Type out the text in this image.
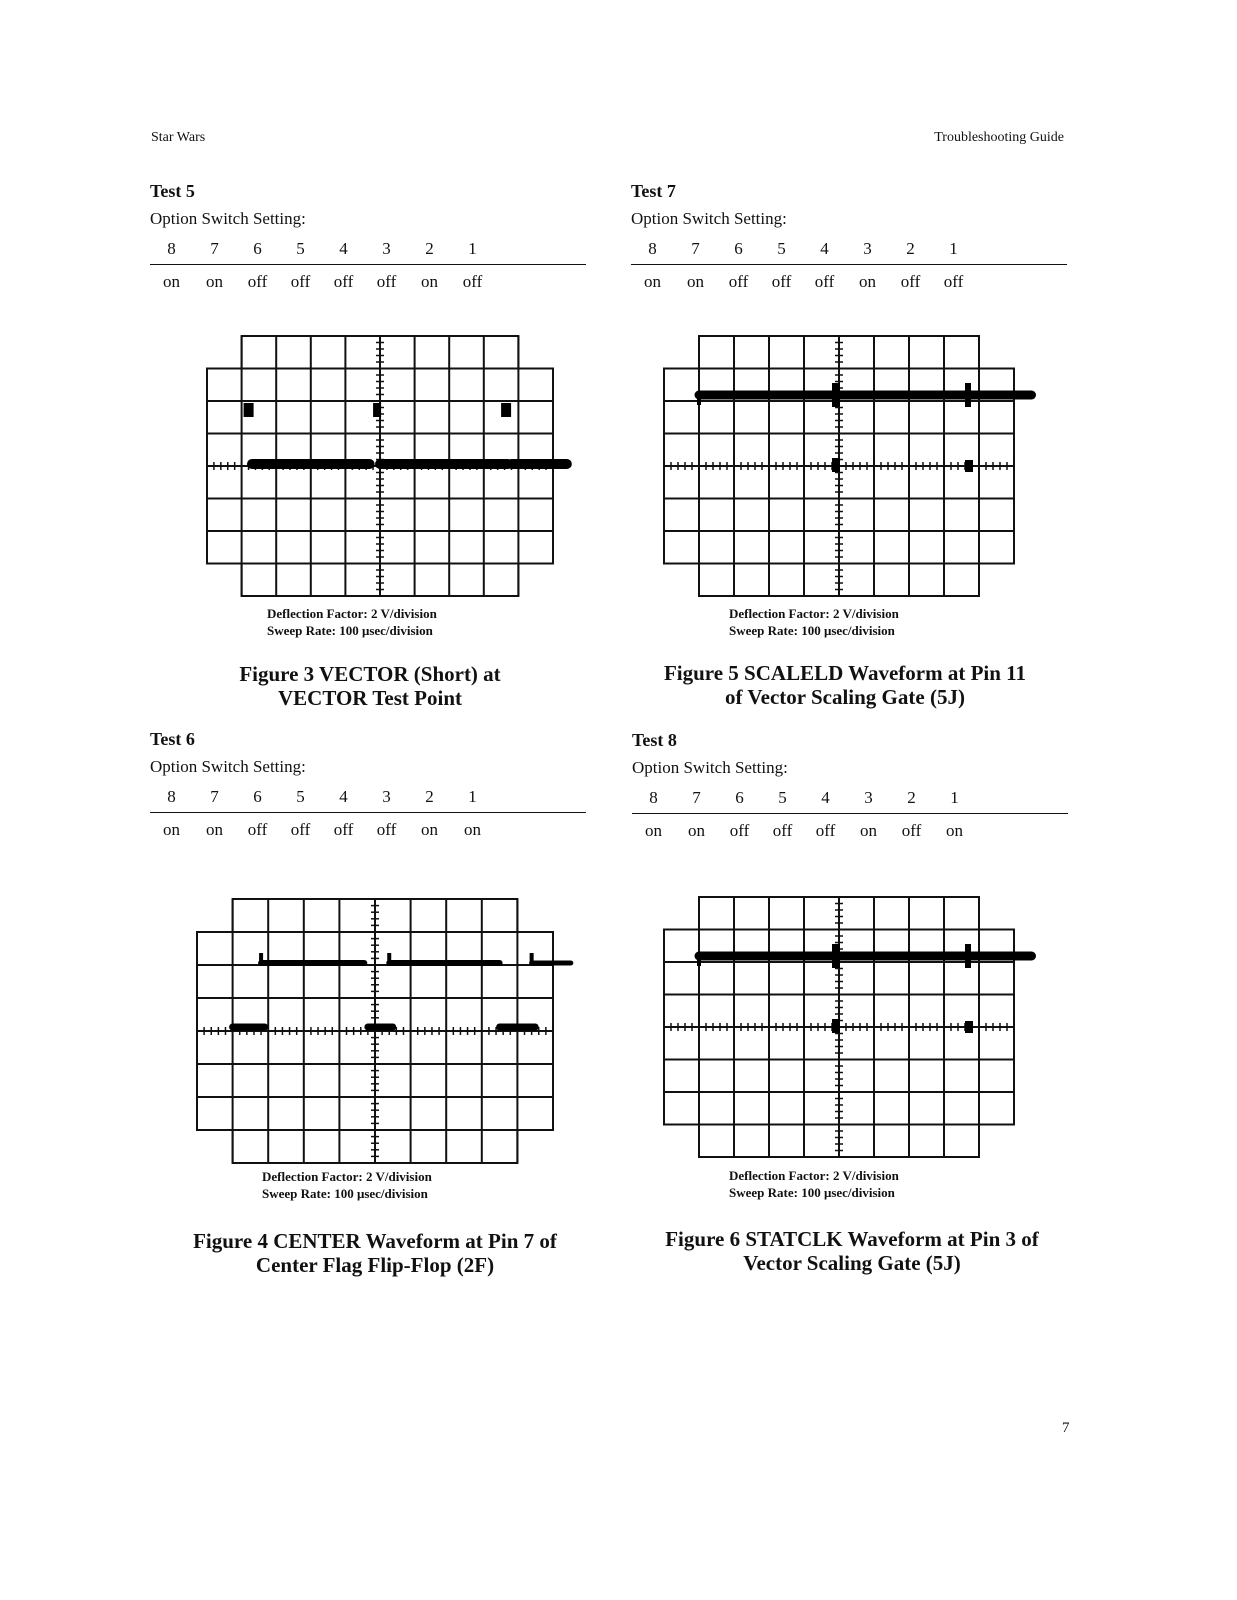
Star Wars	Troubleshooting Guide
Test 5
Option Switch Setting:
8	7	6	5	4	3	2	1	
on	on	off	off	off	off	on	off	
Test 7
Option Switch Setting:
8	7	6	5	4	3	2	1	
on	on	off	off	off	on	off	off	
Test 6
Option Switch Setting:
8	7	6	5	4	3	2	1	
on	on	off	off	off	off	on	on	
Test 8
Option Switch Setting:
8	7	6	5	4	3	2	1	
on	on	off	off	off	on	off	on	
Deflection Factor: 2 V/division
Sweep Rate: 100 μsec/division
Deflection Factor: 2 V/division
Sweep Rate: 100 μsec/division
Deflection Factor: 2 V/division
Sweep Rate: 100 μsec/division
Deflection Factor: 2 V/division
Sweep Rate: 100 μsec/division
Figure 3 VECTOR (Short) at
VECTOR Test Point
Figure 5 SCALELD Waveform at Pin 11
of Vector Scaling Gate (5J)
Figure 4 CENTER Waveform at Pin 7 of
Center Flag Flip-Flop (2F)
Figure 6 STATCLK Waveform at Pin 3 of
Vector Scaling Gate (5J)
7
